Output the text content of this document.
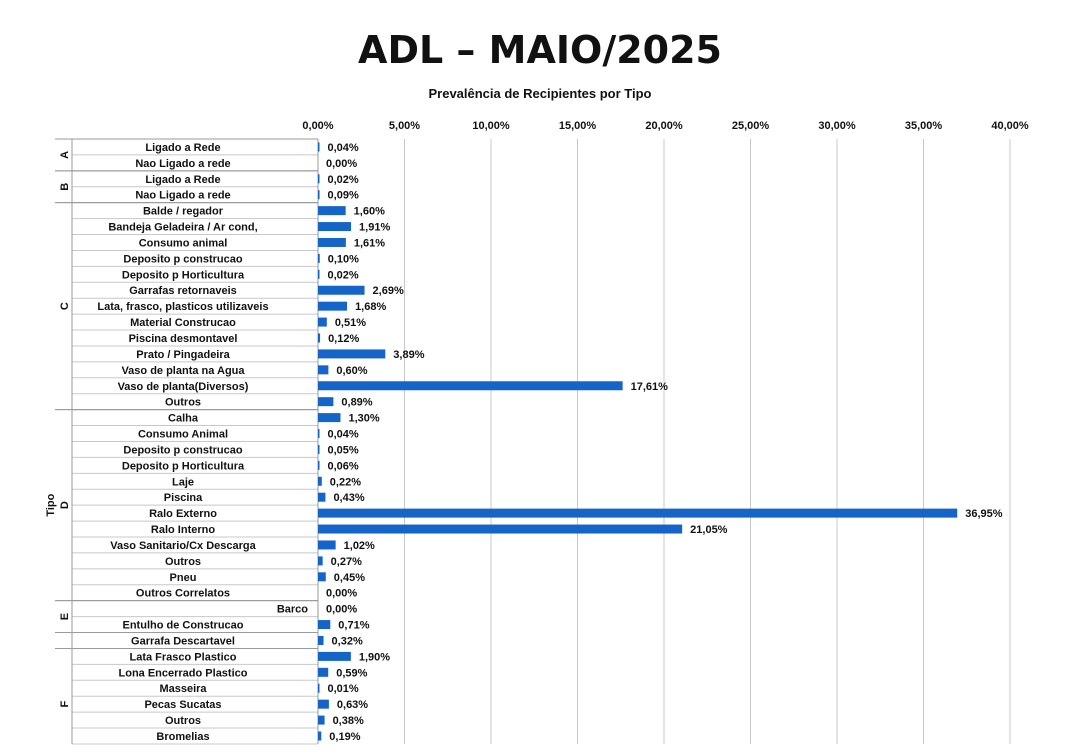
ADL – MAIO/2025
Prevalência de Recipientes por Tipo
0,00%	5,00%	10,00%	15,00%	20,00%	25,00%	30,00%	35,00%	40,00%
A
B
C
D
E
F
Tipo
Ligado a Rede	0,04%
Nao Ligado a rede	0,00%
Ligado a Rede	0,02%
Nao Ligado a rede	0,09%
Balde / regador	1,60%
Bandeja Geladeira / Ar cond,	1,91%
Consumo animal	1,61%
Deposito p construcao	0,10%
Deposito p Horticultura	0,02%
Garrafas retornaveis	2,69%
Lata, frasco, plasticos utilizaveis	1,68%
Material Construcao	0,51%
Piscina desmontavel	0,12%
Prato / Pingadeira	3,89%
Vaso de planta na Agua	0,60%
Vaso de planta(Diversos)	17,61%
Outros	0,89%
Calha	1,30%
Consumo Animal	0,04%
Deposito p construcao	0,05%
Deposito p Horticultura	0,06%
Laje	0,22%
Piscina	0,43%
Ralo Externo	36,95%
Ralo Interno	21,05%
Vaso Sanitario/Cx Descarga	1,02%
Outros	0,27%
Pneu	0,45%
Outros Correlatos	0,00%
Barco 0,00%
Entulho de Construcao	0,71%
Garrafa Descartavel	0,32%
Lata Frasco Plastico	1,90%
Lona Encerrado Plastico	0,59%
Masseira	0,01%
Pecas Sucatas	0,63%
Outros	0,38%
Bromelias	0,19%
